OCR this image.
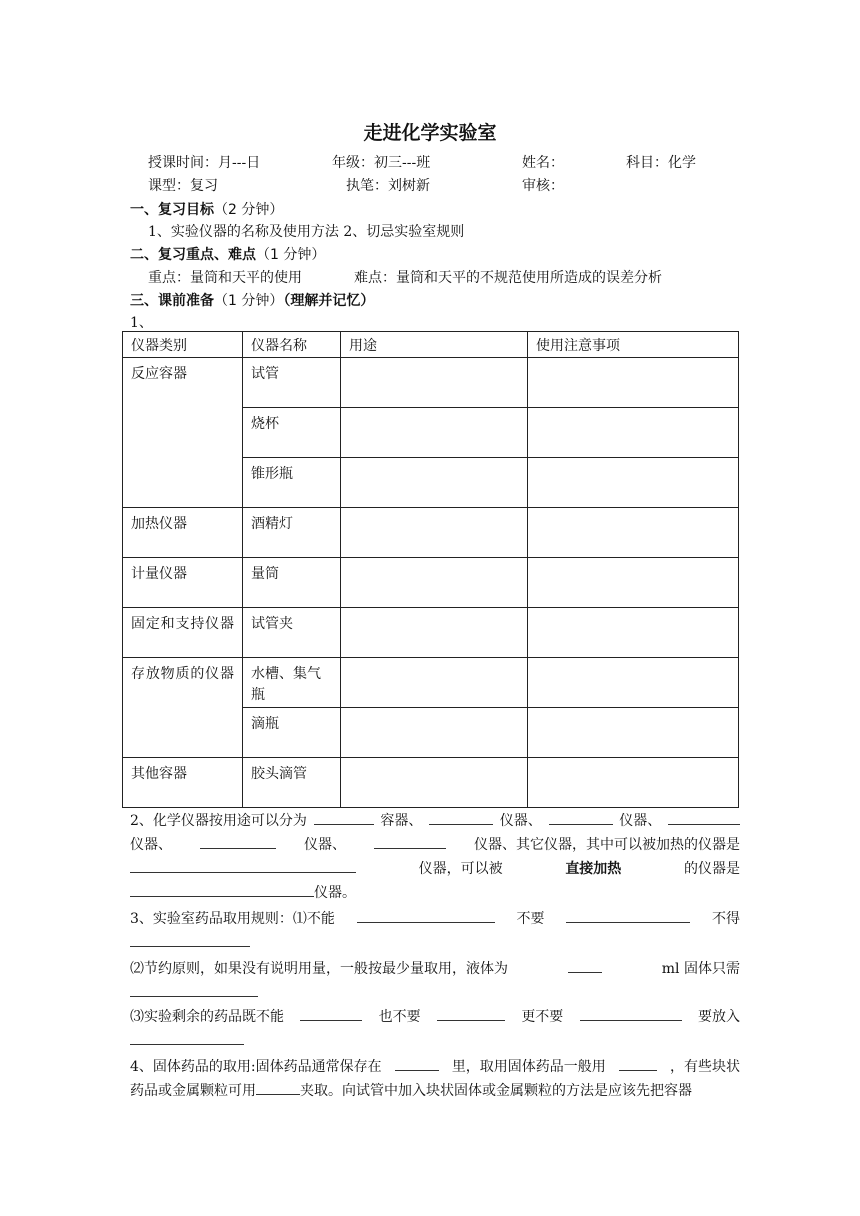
走进化学实验室
授课时间：月---日	年级：初三---班	姓名：	科目：化学
课型：复习	执笔：刘树新	审核：
一、复习目标（2 分钟）
1、实验仪器的名称及使用方法 2、切忌实验室规则
二、复习重点、难点（1 分钟）
重点：量筒和天平的使用	难点：量筒和天平的不规范使用所造成的误差分析
三、课前准备（1 分钟）（理解并记忆）
1、
仪器类别	仪器名称	用途	使用注意事项
反应容器	试管		
	烧杯		
	锥形瓶		
加热仪器	酒精灯		
计量仪器	量筒		
固定和支持仪器	试管夹		
存放物质的仪器	水槽、集气瓶		
	滴瓶		
其他容器	胶头滴管		
2、化学仪器按用途可以分为	容器、	仪器、	仪器、
仪器、	仪器、	仪器、其它仪器，其中可以被加热的仪器是
仪器，可以被	直接加热	的仪器是
仪器。
3、实验室药品取用规则：⑴不能	不要	不得
⑵节约原则，如果没有说明用量，一般按最少量取用，液体为	ml 固体只需
⑶实验剩余的药品既不能	也不要	更不要	要放入
4、固体药品的取用:固体药品通常保存在	里，取用固体药品一般用	，有些块状
药品或金属颗粒可用	夹取。向试管中加入块状固体或金属颗粒的方法是应该先把容器
